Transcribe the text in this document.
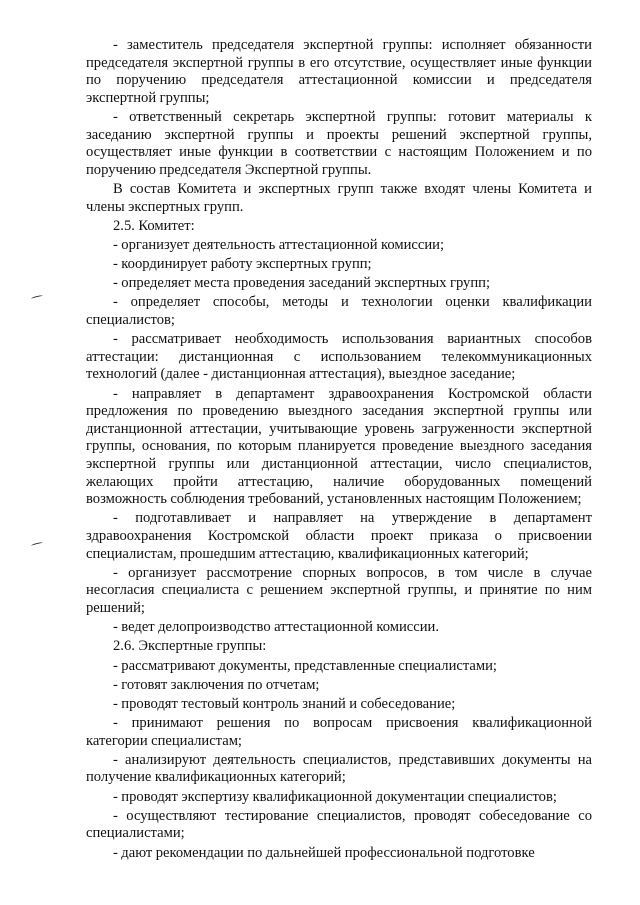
- заместитель председателя экспертной группы: исполняет обязанности председателя экспертной группы в его отсутствие, осуществляет иные функции по поручению председателя аттестационной комиссии и председателя экспертной группы;

- ответственный секретарь экспертной группы: готовит материалы к заседанию экспертной группы и проекты решений экспертной группы, осуществляет иные функции в соответствии с настоящим Положением и по поручению председателя Экспертной группы.

В состав Комитета и экспертных групп также входят члены Комитета и члены экспертных групп.

2.5. Комитет:

- организует деятельность аттестационной комиссии;

- координирует работу экспертных групп;

- определяет места проведения заседаний экспертных групп;

- определяет способы, методы и технологии оценки квалификации специалистов;

- рассматривает необходимость использования вариантных способов аттестации: дистанционная с использованием телекоммуникационных технологий (далее - дистанционная аттестация), выездное заседание;

- направляет в департамент здравоохранения Костромской области предложения по проведению выездного заседания экспертной группы или дистанционной аттестации, учитывающие уровень загруженности экспертной группы, основания, по которым планируется проведение выездного заседания экспертной группы или дистанционной аттестации, число специалистов, желающих пройти аттестацию, наличие оборудованных помещений возможность соблюдения требований, установленных настоящим Положением;

- подготавливает и направляет на утверждение в департамент здравоохранения Костромской области проект приказа о присвоении специалистам, прошедшим аттестацию, квалификационных категорий;

- организует рассмотрение спорных вопросов, в том числе в случае несогласия специалиста с решением экспертной группы, и принятие по ним решений;

- ведет делопроизводство аттестационной комиссии.

2.6. Экспертные группы:

- рассматривают документы, представленные специалистами;

- готовят заключения по отчетам;

- проводят тестовый контроль знаний и собеседование;

- принимают решения по вопросам присвоения квалификационной категории специалистам;

- анализируют деятельность специалистов, представивших документы на получение квалификационных категорий;

- проводят экспертизу квалификационной документации специалистов;

- осуществляют тестирование специалистов, проводят собеседование со специалистами;

- дают рекомендации по дальнейшей профессиональной подготовке
